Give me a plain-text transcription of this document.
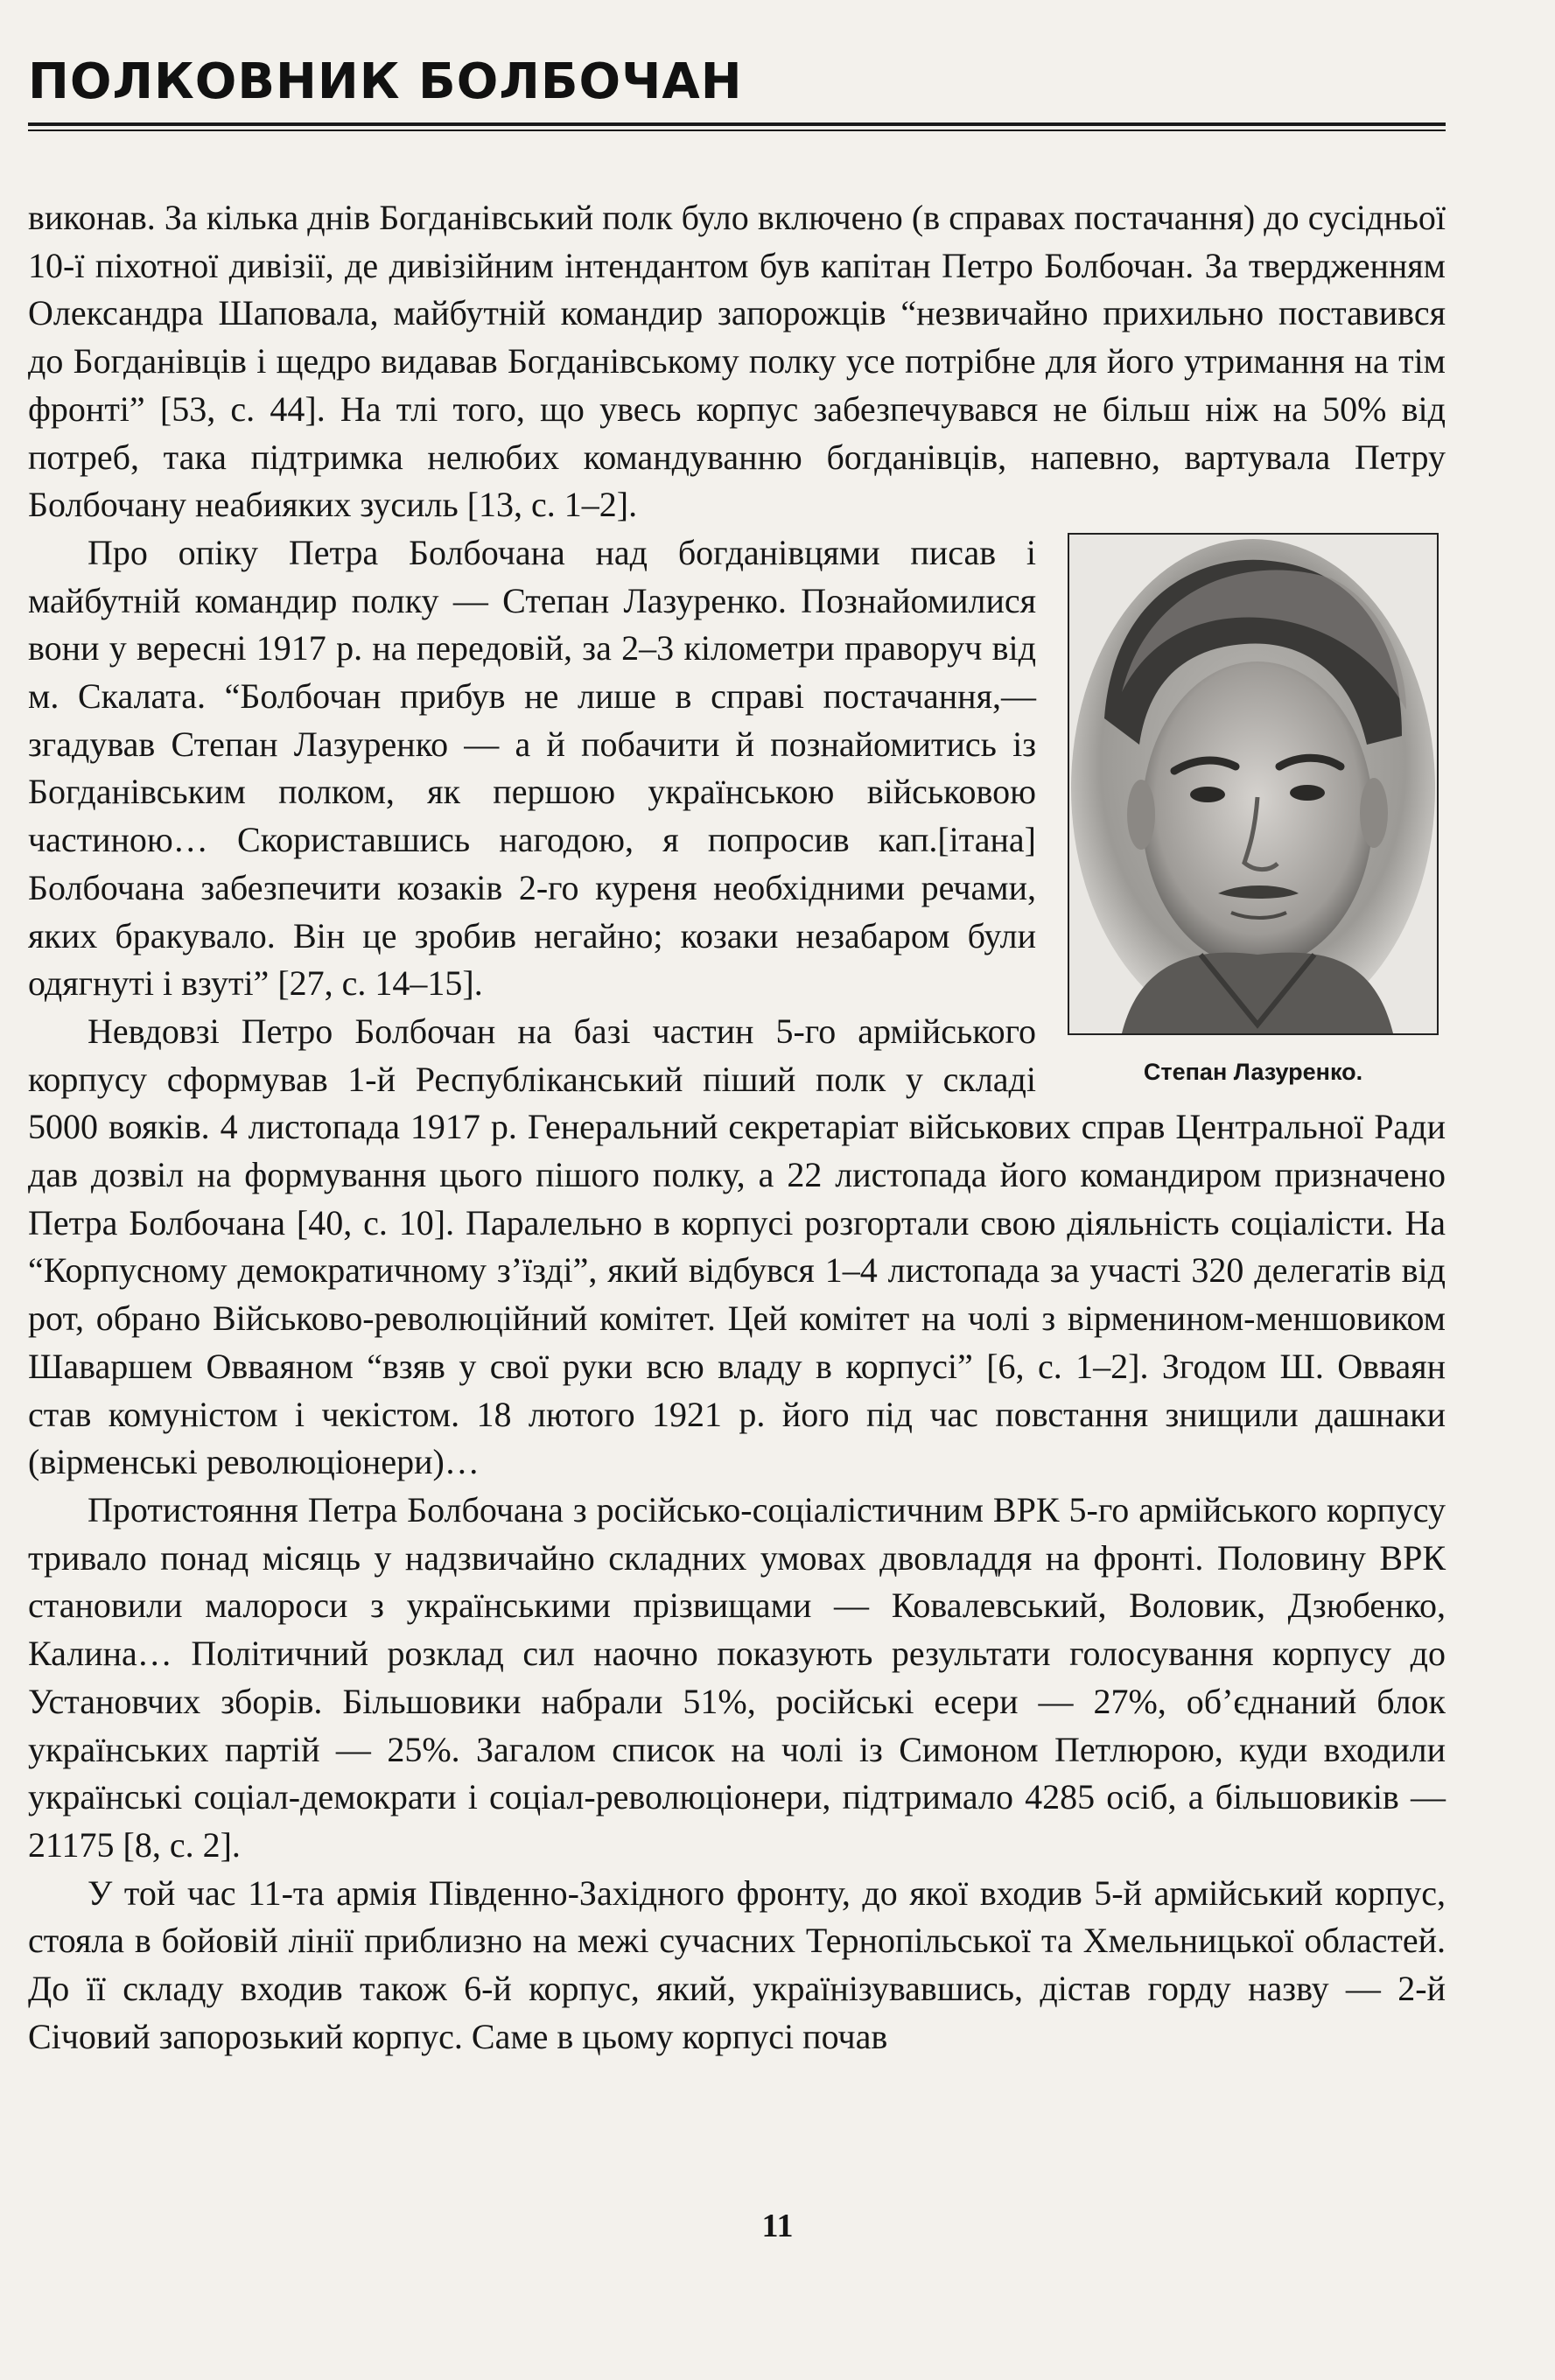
ПОЛКОВНИК БОЛБОЧАН

виконав. За кілька днів Богданівський полк було включено (в справах постачання) до сусідньої 10-ї піхотної дивізії, де дивізійним інтендантом був капітан Петро Болбочан. За твердженням Олександра Шаповала, майбутній командир запорожців “незвичайно прихильно поставився до Богданівців і щедро видавав Богданівському полку усе потрібне для його утримання на тім фронті” [53, с. 44]. На тлі того, що увесь корпус забезпечувався не більш ніж на 50% від потреб, така підтримка нелюбих командуванню богданівців, напевно, вартувала Петру Болбочану неабияких зусиль [13, с. 1–2].

Степан Лазуренко.
Про опіку Петра Болбочана над богданівцями писав і майбутній командир полку — Степан Лазуренко. Познайомилися вони у вересні 1917 р. на передовій, за 2–3 кілометри праворуч від м. Скалата. “Болбочан прибув не лише в справі постачання,— згадував Степан Лазуренко — а й побачити й познайомитись із Богданівським полком, як першою українською військовою частиною… Скориставшись нагодою, я попросив кап.[ітана] Болбочана забезпечити козаків 2-го куреня необхідними речами, яких бракувало. Він це зробив негайно; козаки незабаром були одягнуті і взуті” [27, с. 14–15].

Невдовзі Петро Болбочан на базі частин 5-го армійського корпусу сформував 1-й Республіканський піший полк у складі 5000 вояків. 4 листопада 1917 р. Генеральний секретаріат військових справ Центральної Ради дав дозвіл на формування цього пішого полку, а 22 листопада його командиром призначено Петра Болбочана [40, с. 10]. Паралельно в корпусі розгортали свою діяльність соціалісти. На “Корпусному демократичному з’їзді”, який відбувся 1–4 листопада за участі 320 делегатів від рот, обрано Військово-революційний комітет. Цей комітет на чолі з вірменином-меншовиком Шаваршем Овваяном “взяв у свої руки всю владу в корпусі” [6, с. 1–2]. Згодом Ш. Овваян став комуністом і чекістом. 18 лютого 1921 р. його під час повстання знищили дашнаки (вірменські революціонери)…

Протистояння Петра Болбочана з російсько-соціалістичним ВРК 5-го армійського корпусу тривало понад місяць у надзвичайно складних умовах двовладдя на фронті. Половину ВРК становили малороси з українськими прізвищами — Ковалевський, Воловик, Дзюбенко, Калина… Політичний розклад сил наочно показують результати голосування корпусу до Установчих зборів. Більшовики набрали 51%, російські есери — 27%, об’єднаний блок українських партій — 25%. Загалом список на чолі із Симоном Петлюрою, куди входили українські соціал-демократи і соціал-революціонери, підтримало 4285 осіб, а більшовиків — 21175 [8, с. 2].

У той час 11-та армія Південно-Західного фронту, до якої входив 5-й армійський корпус, стояла в бойовій лінії приблизно на межі сучасних Тернопільської та Хмельницької областей. До її складу входив також 6-й корпус, який, українізувавшись, дістав горду назву — 2-й Січовий запорозький корпус. Саме в цьому корпусі почав

11
